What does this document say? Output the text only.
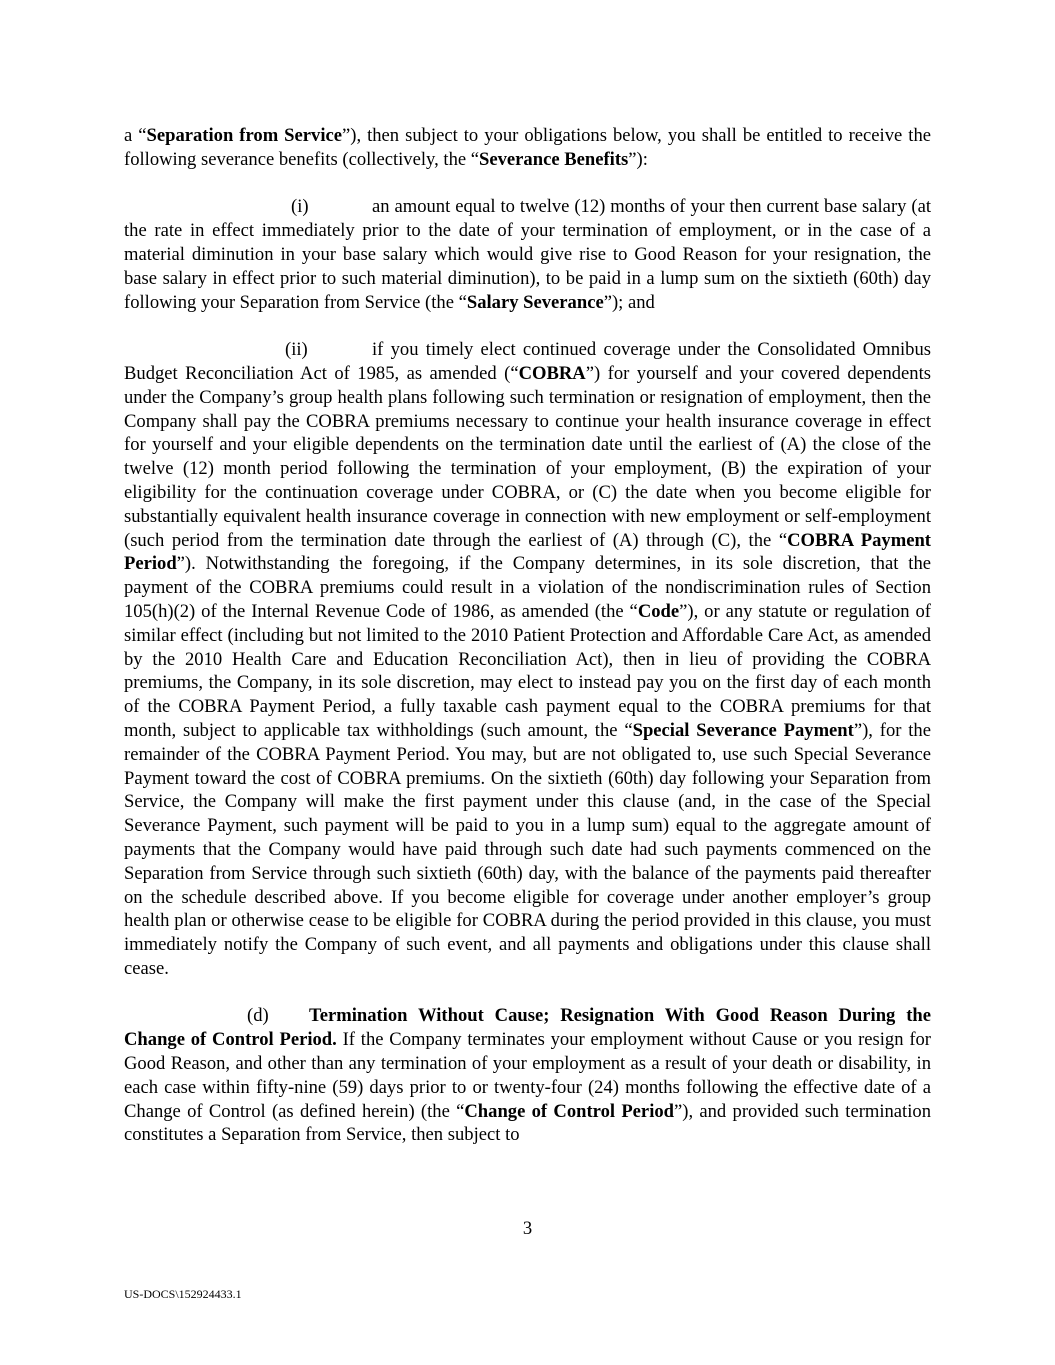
a “Separation from Service”), then subject to your obligations below, you shall be entitled to receive the following severance benefits (collectively, the “Severance Benefits”):

(i)	an amount equal to twelve (12) months of your then current base salary (at the rate in effect immediately prior to the date of your termination of employment, or in the case of a material diminution in your base salary which would give rise to Good Reason for your resignation, the base salary in effect prior to such material diminution), to be paid in a lump sum on the sixtieth (60th) day following your Separation from Service (the “Salary Severance”); and

(ii)	if you timely elect continued coverage under the Consolidated Omnibus Budget Reconciliation Act of 1985, as amended (“COBRA”) for yourself and your covered dependents under the Company’s group health plans following such termination or resignation of employment, then the Company shall pay the COBRA premiums necessary to continue your health insurance coverage in effect for yourself and your eligible dependents on the termination date until the earliest of (A) the close of the twelve (12) month period following the termination of your employment, (B) the expiration of your eligibility for the continuation coverage under COBRA, or (C) the date when you become eligible for substantially equivalent health insurance coverage in connection with new employment or self-employment (such period from the termination date through the earliest of (A) through (C), the “COBRA Payment Period”). Notwithstanding the foregoing, if the Company determines, in its sole discretion, that the payment of the COBRA premiums could result in a violation of the nondiscrimination rules of Section 105(h)(2) of the Internal Revenue Code of 1986, as amended (the “Code”), or any statute or regulation of similar effect (including but not limited to the 2010 Patient Protection and Affordable Care Act, as amended by the 2010 Health Care and Education Reconciliation Act), then in lieu of providing the COBRA premiums, the Company, in its sole discretion, may elect to instead pay you on the first day of each month of the COBRA Payment Period, a fully taxable cash payment equal to the COBRA premiums for that month, subject to applicable tax withholdings (such amount, the “Special Severance Payment”), for the remainder of the COBRA Payment Period. You may, but are not obligated to, use such Special Severance Payment toward the cost of COBRA premiums. On the sixtieth (60th) day following your Separation from Service, the Company will make the first payment under this clause (and, in the case of the Special Severance Payment, such payment will be paid to you in a lump sum) equal to the aggregate amount of payments that the Company would have paid through such date had such payments commenced on the Separation from Service through such sixtieth (60th) day, with the balance of the payments paid thereafter on the schedule described above. If you become eligible for coverage under another employer’s group health plan or otherwise cease to be eligible for COBRA during the period provided in this clause, you must immediately notify the Company of such event, and all payments and obligations under this clause shall cease.

(d) Termination Without Cause; Resignation With Good Reason During the Change of Control Period. If the Company terminates your employment without Cause or you resign for Good Reason, and other than any termination of your employment as a result of your death or disability, in each case within fifty-nine (59) days prior to or twenty-four (24) months following the effective date of a Change of Control (as defined herein) (the “Change of Control Period”), and provided such termination constitutes a Separation from Service, then subject to

3
US-DOCS\152924433.1
